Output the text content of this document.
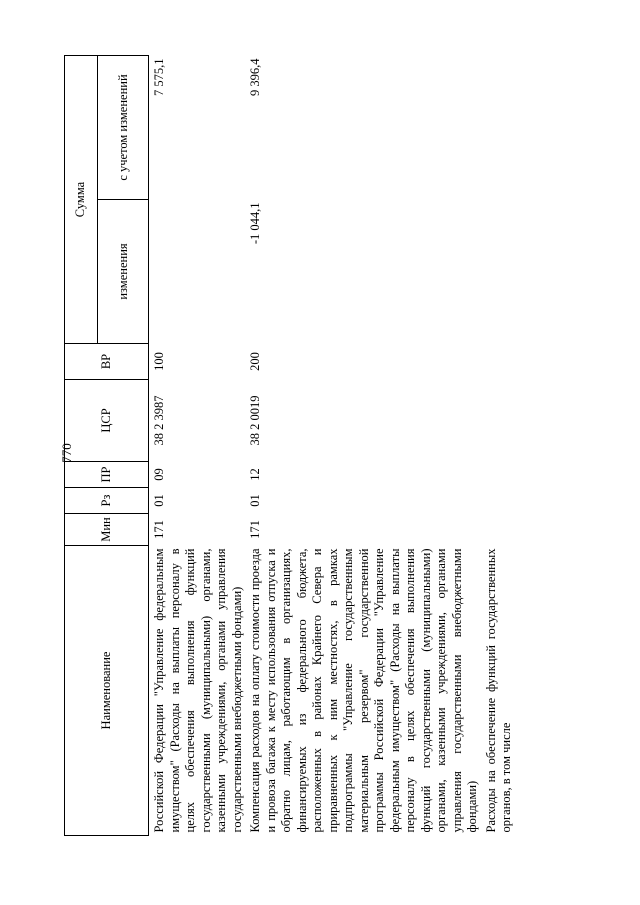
770
Наименование	Мин	Рз	ПР	ЦСР	ВР	Сумма	
						изменения	с учетом изменений
Российской Федерации "Управление федеральным имуществом" (Расходы на выплаты персоналу в целях обеспечения выполнения функций государственными (муниципальными) органами, казенными учреждениями, органами управления государственными внебюджетными фондами)	171	01	09	38 2 3987	100		7 575,1
Компенсация расходов на оплату стоимости проезда и провоза багажа к месту использования отпуска и обратно лицам, работающим в организациях, финансируемых из федерального бюджета, расположенных в районах Крайнего Севера и приравненных к ним местностях, в рамках подпрограммы "Управление государственным материальным резервом" государственной программы Российской Федерации "Управление федеральным имуществом" (Расходы на выплаты персоналу в целях обеспечения выполнения функций государственными (муниципальными) органами, казенными учреждениями, органами управления государственными внебюджетными фондами)	171	01	12	38 2 0019	200	-1 044,1	9 396,4
Расходы на обеспечение функций государственных органов, в том числе							
